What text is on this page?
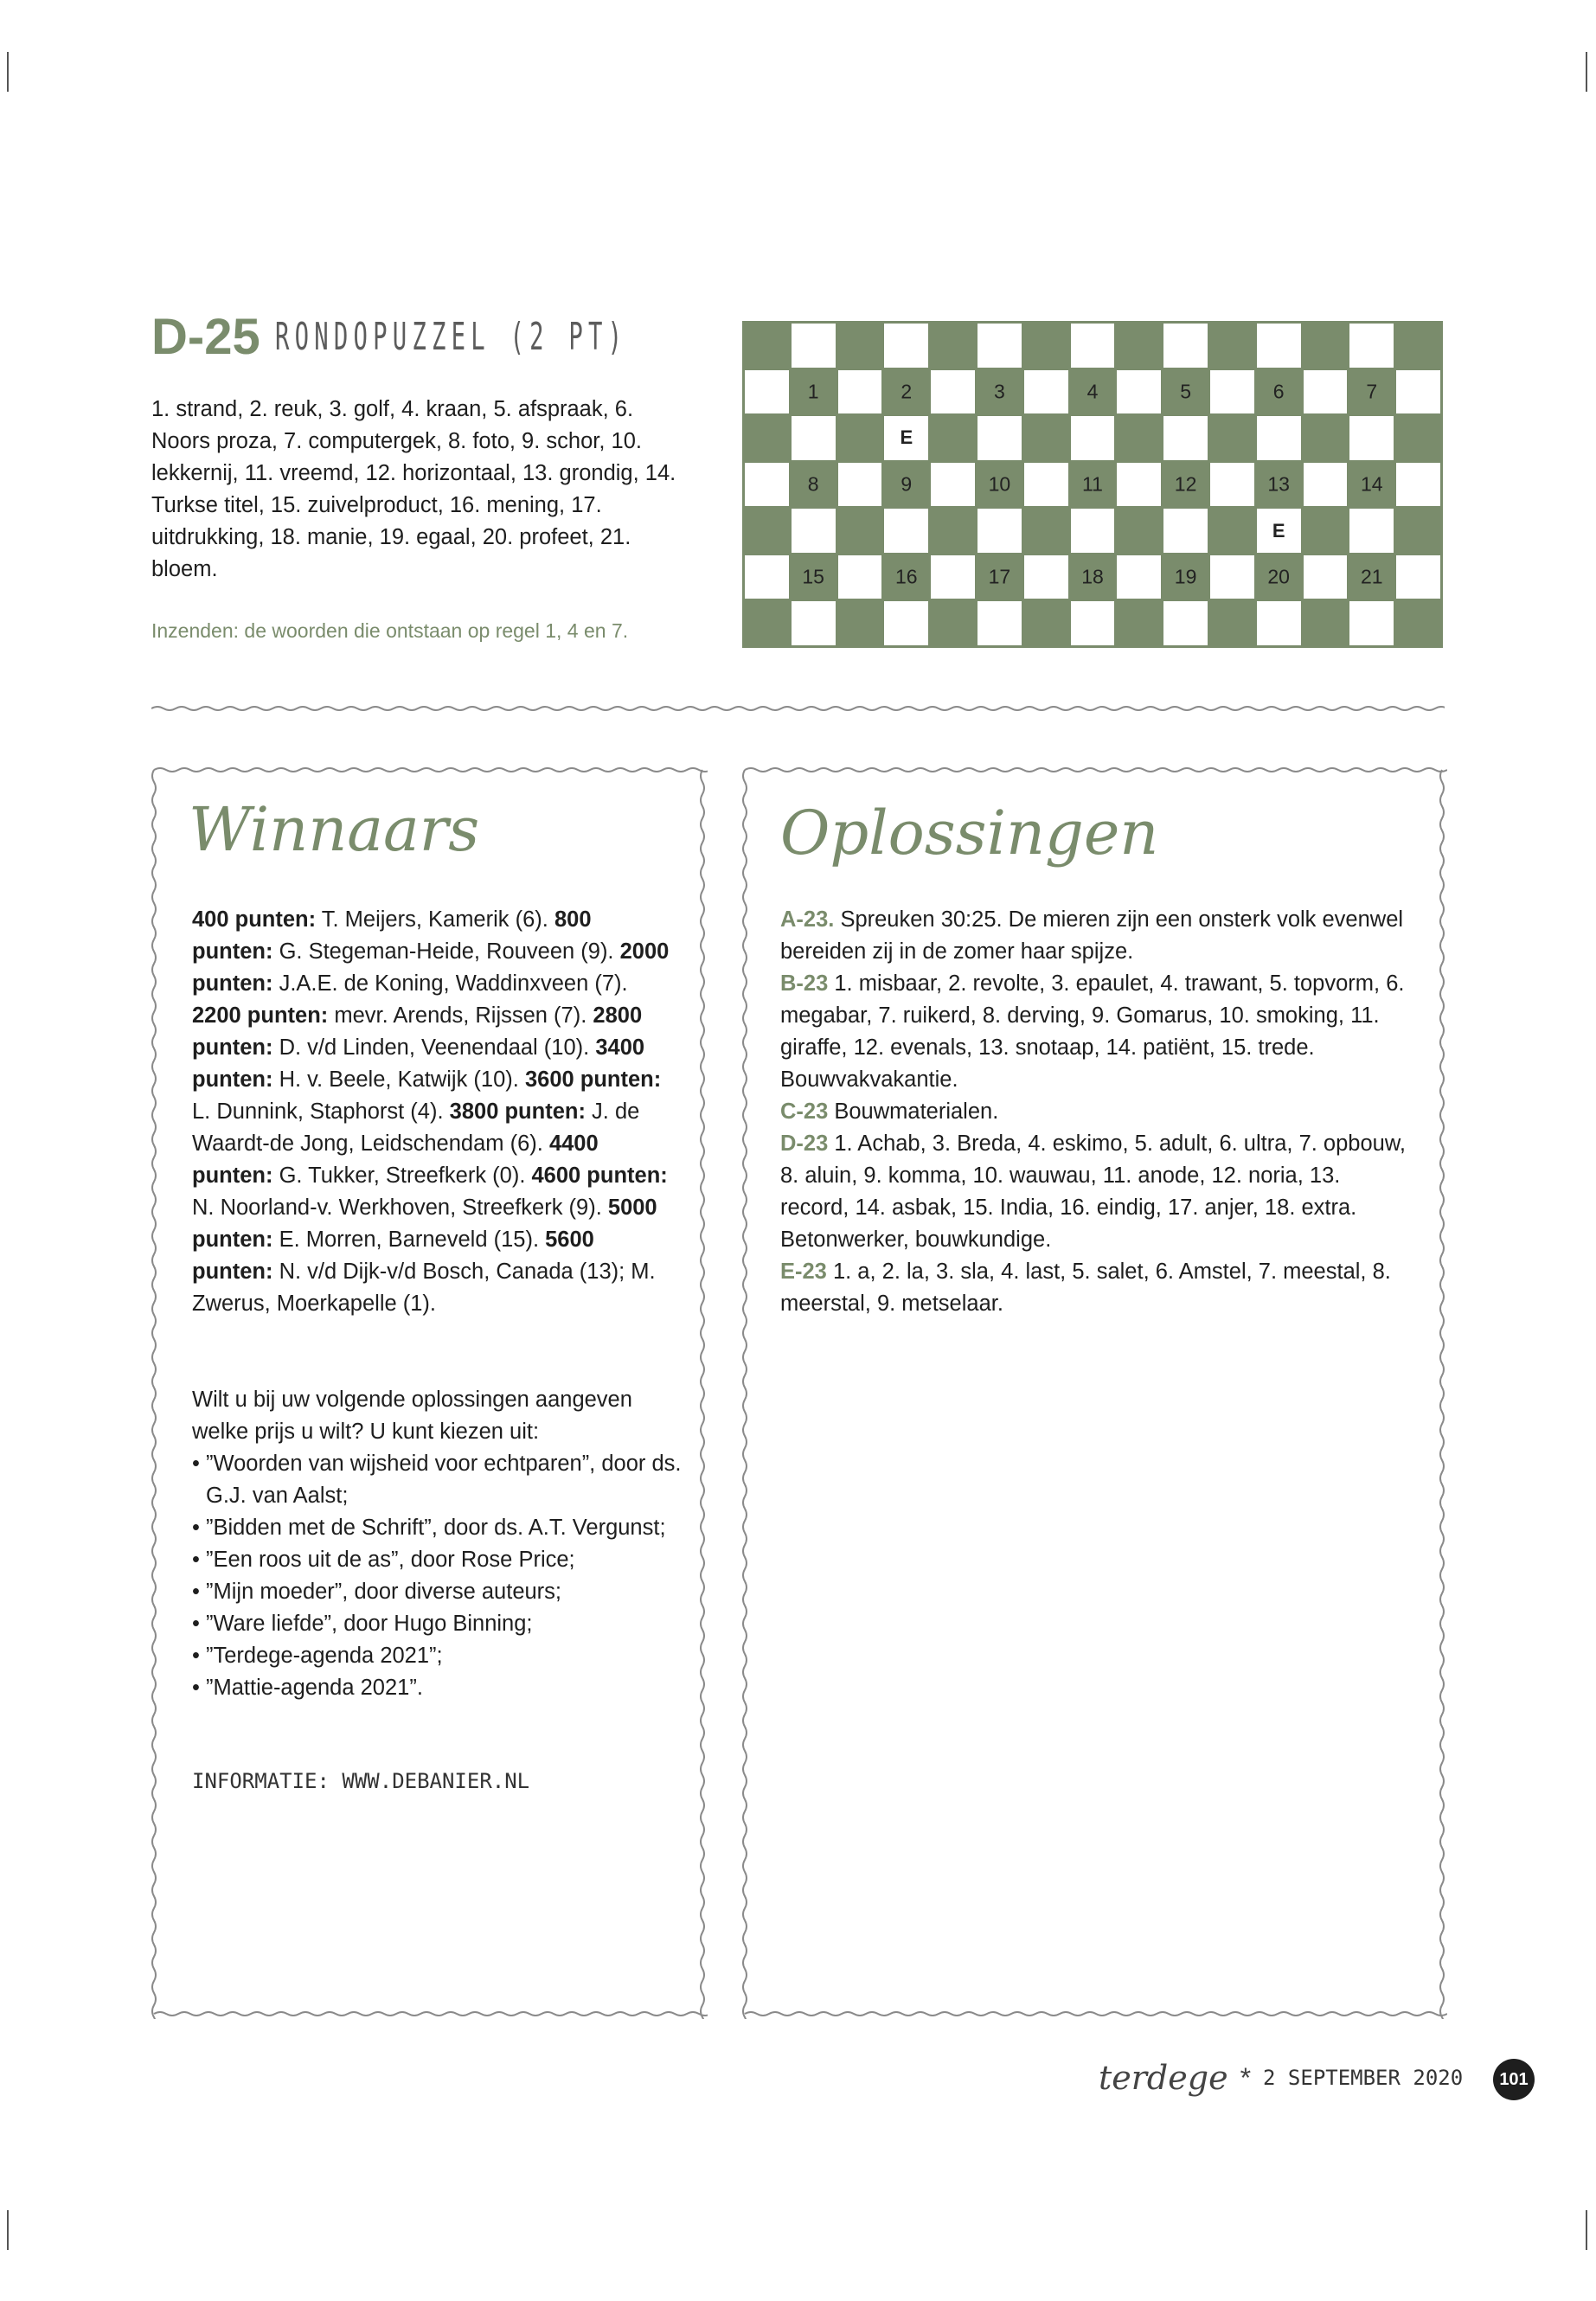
D-25 RONDOPUZZEL (2 PT)
1. strand, 2. reuk, 3. golf, 4. kraan, 5. afspraak, 6. Noors proza, 7. computergek, 8. foto, 9. schor, 10. lekkernij, 11. vreemd, 12. horizontaal, 13. grondig, 14. Turkse titel, 15. zuivelproduct, 16. mening, 17. uitdrukking, 18. manie, 19. egaal, 20. profeet, 21. bloem.
Inzenden: de woorden die ontstaan op regel 1, 4 en 7.
1	2	3	4	5	6	7
E
8	9	10	11	12	13	14
E
15	16	17	18	19	20	21
Winnaars
400 punten: T. Meijers, Kamerik (6). 800 punten: G. Stegeman-Heide, Rouveen (9). 2000 punten: J.A.E. de Koning, Waddinxveen (7). 2200 punten: mevr. Arends, Rijssen (7). 2800 punten: D. v/d Linden, Veenendaal (10). 3400 punten: H. v. Beele, Katwijk (10). 3600 punten: L. Dunnink, Staphorst (4). 3800 punten: J. de Waardt-de Jong, Leidschendam (6). 4400 punten: G. Tukker, Streefkerk (0). 4600 punten: N. Noorland-v. Werkhoven, Streefkerk (9). 5000 punten: E. Morren, Barneveld (15). 5600 punten: N. v/d Dijk-v/d Bosch, Canada (13); M. Zwerus, Moerkapelle (1).
Wilt u bij uw volgende oplossingen aangeven welke prijs u wilt? U kunt kiezen uit:
• ”Woorden van wijsheid voor echtparen”, door ds. G.J. van Aalst;
• ”Bidden met de Schrift”, door ds. A.T. Vergunst;
• ”Een roos uit de as”, door Rose Price;
• ”Mijn moeder”, door diverse auteurs;
• ”Ware liefde”, door Hugo Binning;
• ”Terdege-agenda 2021”;
• ”Mattie-agenda 2021”.
INFORMATIE: WWW.DEBANIER.NL
Oplossingen
A-23. Spreuken 30:25. De mieren zijn een onsterk volk evenwel bereiden zij in de zomer haar spijze.
B-23 1. misbaar, 2. revolte, 3. epaulet, 4. trawant, 5. topvorm, 6. megabar, 7. ruikerd, 8. derving, 9. Gomarus, 10. smoking, 11. giraffe, 12. evenals, 13. snotaap, 14. patiënt, 15. trede. Bouwvakvakantie.
C-23 Bouwmaterialen.
D-23 1. Achab, 3. Breda, 4. eskimo, 5. adult, 6. ultra, 7. opbouw, 8. aluin, 9. komma, 10. wauwau, 11. anode, 12. noria, 13. record, 14. asbak, 15. India, 16. eindig, 17. anjer, 18. extra. Betonwerker, bouwkundige.
E-23 1. a, 2. la, 3. sla, 4. last, 5. salet, 6. Amstel, 7. meestal, 8. meerstal, 9. metselaar.
terdege * 2 SEPTEMBER 2020	101
